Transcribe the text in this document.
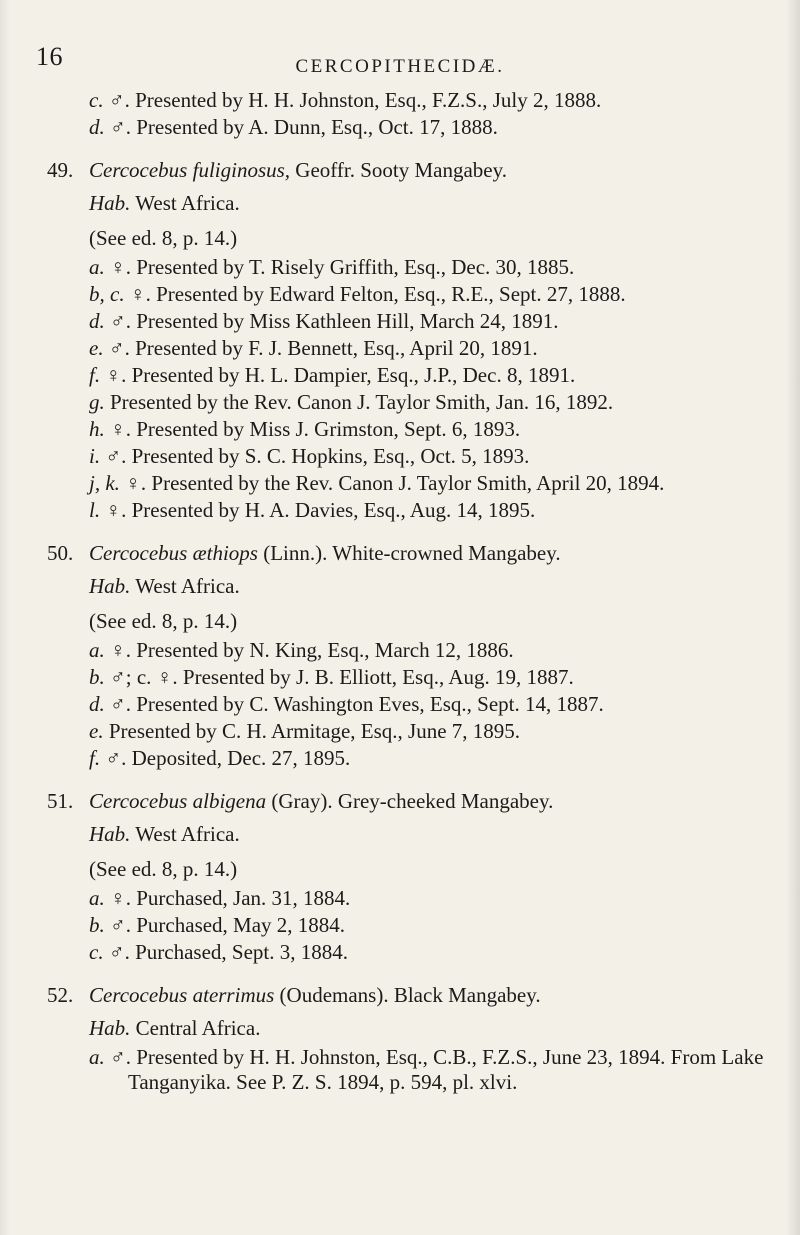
16	CERCOPITHECIDÆ.
c. ♂. Presented by H. H. Johnston, Esq., F.Z.S., July 2, 1888.
d. ♂. Presented by A. Dunn, Esq., Oct. 17, 1888.
49. Cercocebus fuliginosus, Geoffr. Sooty Mangabey.
Hab. West Africa.
(See ed. 8, p. 14.)
a. ♀. Presented by T. Risely Griffith, Esq., Dec. 30, 1885.
b, c. ♀. Presented by Edward Felton, Esq., R.E., Sept. 27, 1888.
d. ♂. Presented by Miss Kathleen Hill, March 24, 1891.
e. ♂. Presented by F. J. Bennett, Esq., April 20, 1891.
f. ♀. Presented by H. L. Dampier, Esq., J.P., Dec. 8, 1891.
g. Presented by the Rev. Canon J. Taylor Smith, Jan. 16, 1892.
h. ♀. Presented by Miss J. Grimston, Sept. 6, 1893.
i. ♂. Presented by S. C. Hopkins, Esq., Oct. 5, 1893.
j, k. ♀. Presented by the Rev. Canon J. Taylor Smith, April 20, 1894.
l. ♀. Presented by H. A. Davies, Esq., Aug. 14, 1895.
50. Cercocebus æthiops (Linn.). White-crowned Mangabey.
Hab. West Africa.
(See ed. 8, p. 14.)
a. ♀. Presented by N. King, Esq., March 12, 1886.
b. ♂; c. ♀. Presented by J. B. Elliott, Esq., Aug. 19, 1887.
d. ♂. Presented by C. Washington Eves, Esq., Sept. 14, 1887.
e. Presented by C. H. Armitage, Esq., June 7, 1895.
f. ♂. Deposited, Dec. 27, 1895.
51. Cercocebus albigena (Gray). Grey-cheeked Mangabey.
Hab. West Africa.
(See ed. 8, p. 14.)
a. ♀. Purchased, Jan. 31, 1884.
b. ♂. Purchased, May 2, 1884.
c. ♂. Purchased, Sept. 3, 1884.
52. Cercocebus aterrimus (Oudemans). Black Mangabey.
Hab. Central Africa.
a. ♂. Presented by H. H. Johnston, Esq., C.B., F.Z.S., June 23, 1894. From Lake Tanganyika. See P. Z. S. 1894, p. 594, pl. xlvi.
